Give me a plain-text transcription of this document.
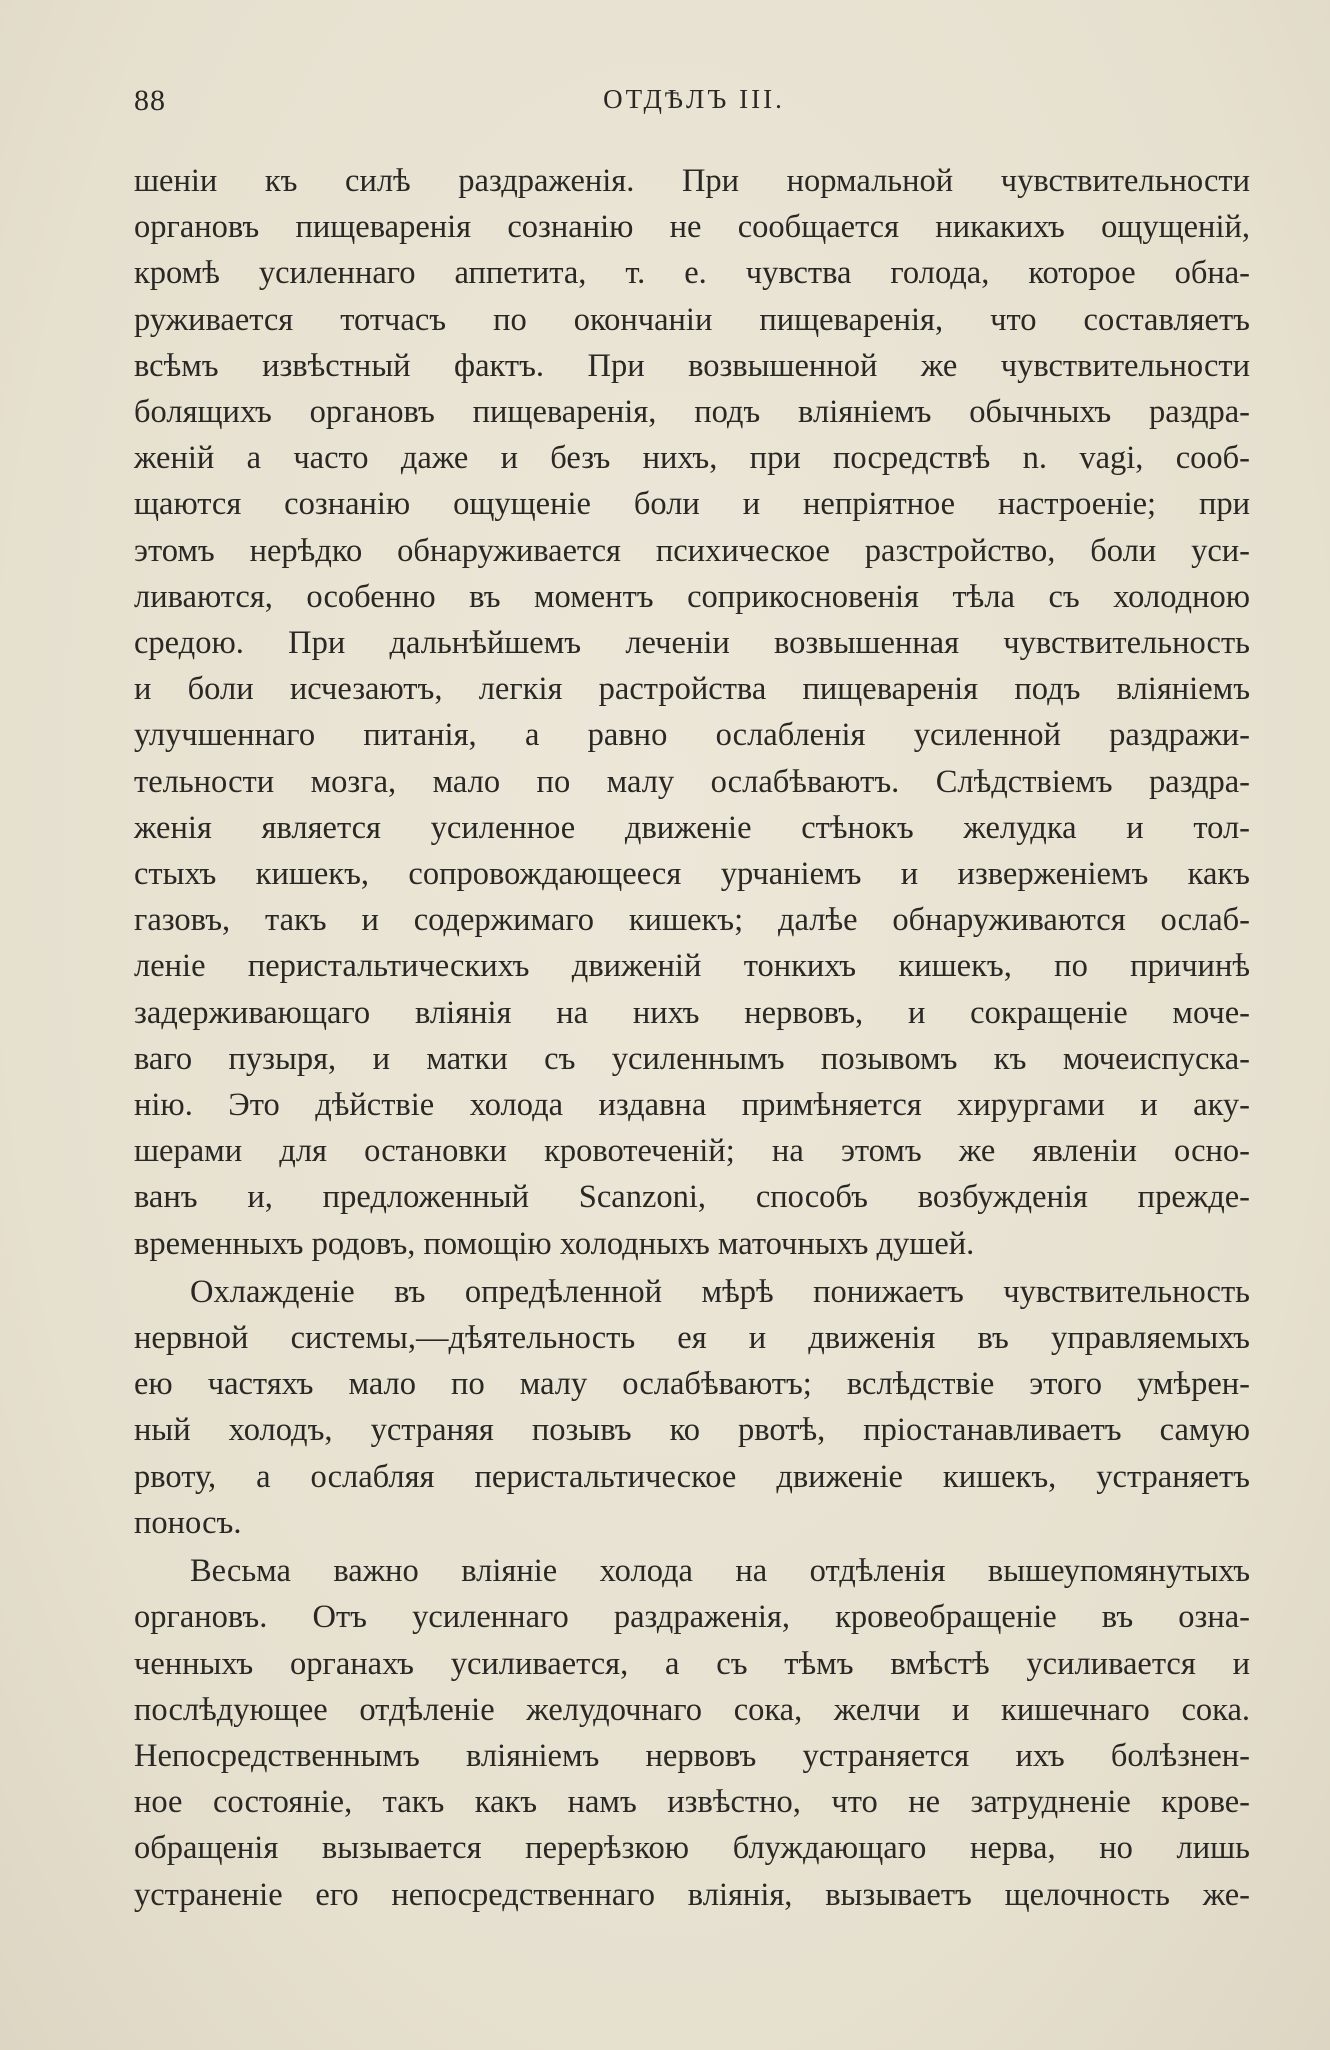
88	ОТДѢЛЪ III.
шеніи къ силѣ раздраженія. При нормальной чувствительности
органовъ пищеваренія сознанію не сообщается никакихъ ощущеній,
кромѣ усиленнаго аппетита, т. е. чувства голода, которое обна-
руживается тотчасъ по окончаніи пищеваренія, что составляетъ
всѣмъ извѣстный фактъ. При возвышенной же чувствительности
болящихъ органовъ пищеваренія, подъ вліяніемъ обычныхъ раздра-
женій а часто даже и безъ нихъ, при посредствѣ n. vagi, сооб-
щаются сознанію ощущеніе боли и непріятное настроеніе; при
этомъ нерѣдко обнаруживается психическое разстройство, боли уси-
ливаются, особенно въ моментъ соприкосновенія тѣла съ холодною
средою. При дальнѣйшемъ леченіи возвышенная чувствительность
и боли исчезаютъ, легкія растройства пищеваренія подъ вліяніемъ
улучшеннаго питанія, а равно ослабленія усиленной раздражи-
тельности мозга, мало по малу ослабѣваютъ. Слѣдствіемъ раздра-
женія является усиленное движеніе стѣнокъ желудка и тол-
стыхъ кишекъ, сопровождающееся урчаніемъ и изверженіемъ какъ
газовъ, такъ и содержимаго кишекъ; далѣе обнаруживаются ослаб-
леніе перистальтическихъ движеній тонкихъ кишекъ, по причинѣ
задерживающаго вліянія на нихъ нервовъ, и сокращеніе моче-
ваго пузыря, и матки съ усиленнымъ позывомъ къ мочеиспуска-
нію. Это дѣйствіе холода издавна примѣняется хирургами и аку-
шерами для остановки кровотеченій; на этомъ же явленіи осно-
ванъ и, предложенный Scanzoni, способъ возбужденія прежде-
временныхъ родовъ, помощію холодныхъ маточныхъ душей.
Охлажденіе въ опредѣленной мѣрѣ понижаетъ чувствительность
нервной системы,—дѣятельность ея и движенія въ управляемыхъ
ею частяхъ мало по малу ослабѣваютъ; вслѣдствіе этого умѣрен-
ный холодъ, устраняя позывъ ко рвотѣ, пріостанавливаетъ самую
рвоту, а ослабляя перистальтическое движеніе кишекъ, устраняетъ
поносъ.
Весьма важно вліяніе холода на отдѣленія вышеупомянутыхъ
органовъ. Отъ усиленнаго раздраженія, кровеобращеніе въ озна-
ченныхъ органахъ усиливается, а съ тѣмъ вмѣстѣ усиливается и
послѣдующее отдѣленіе желудочнаго сока, желчи и кишечнаго сока.
Непосредственнымъ вліяніемъ нервовъ устраняется ихъ болѣзнен-
ное состояніе, такъ какъ намъ извѣстно, что не затрудненіе крове-
обращенія вызывается перерѣзкою блуждающаго нерва, но лишь
устраненіе его непосредственнаго вліянія, вызываетъ щелочность же-
